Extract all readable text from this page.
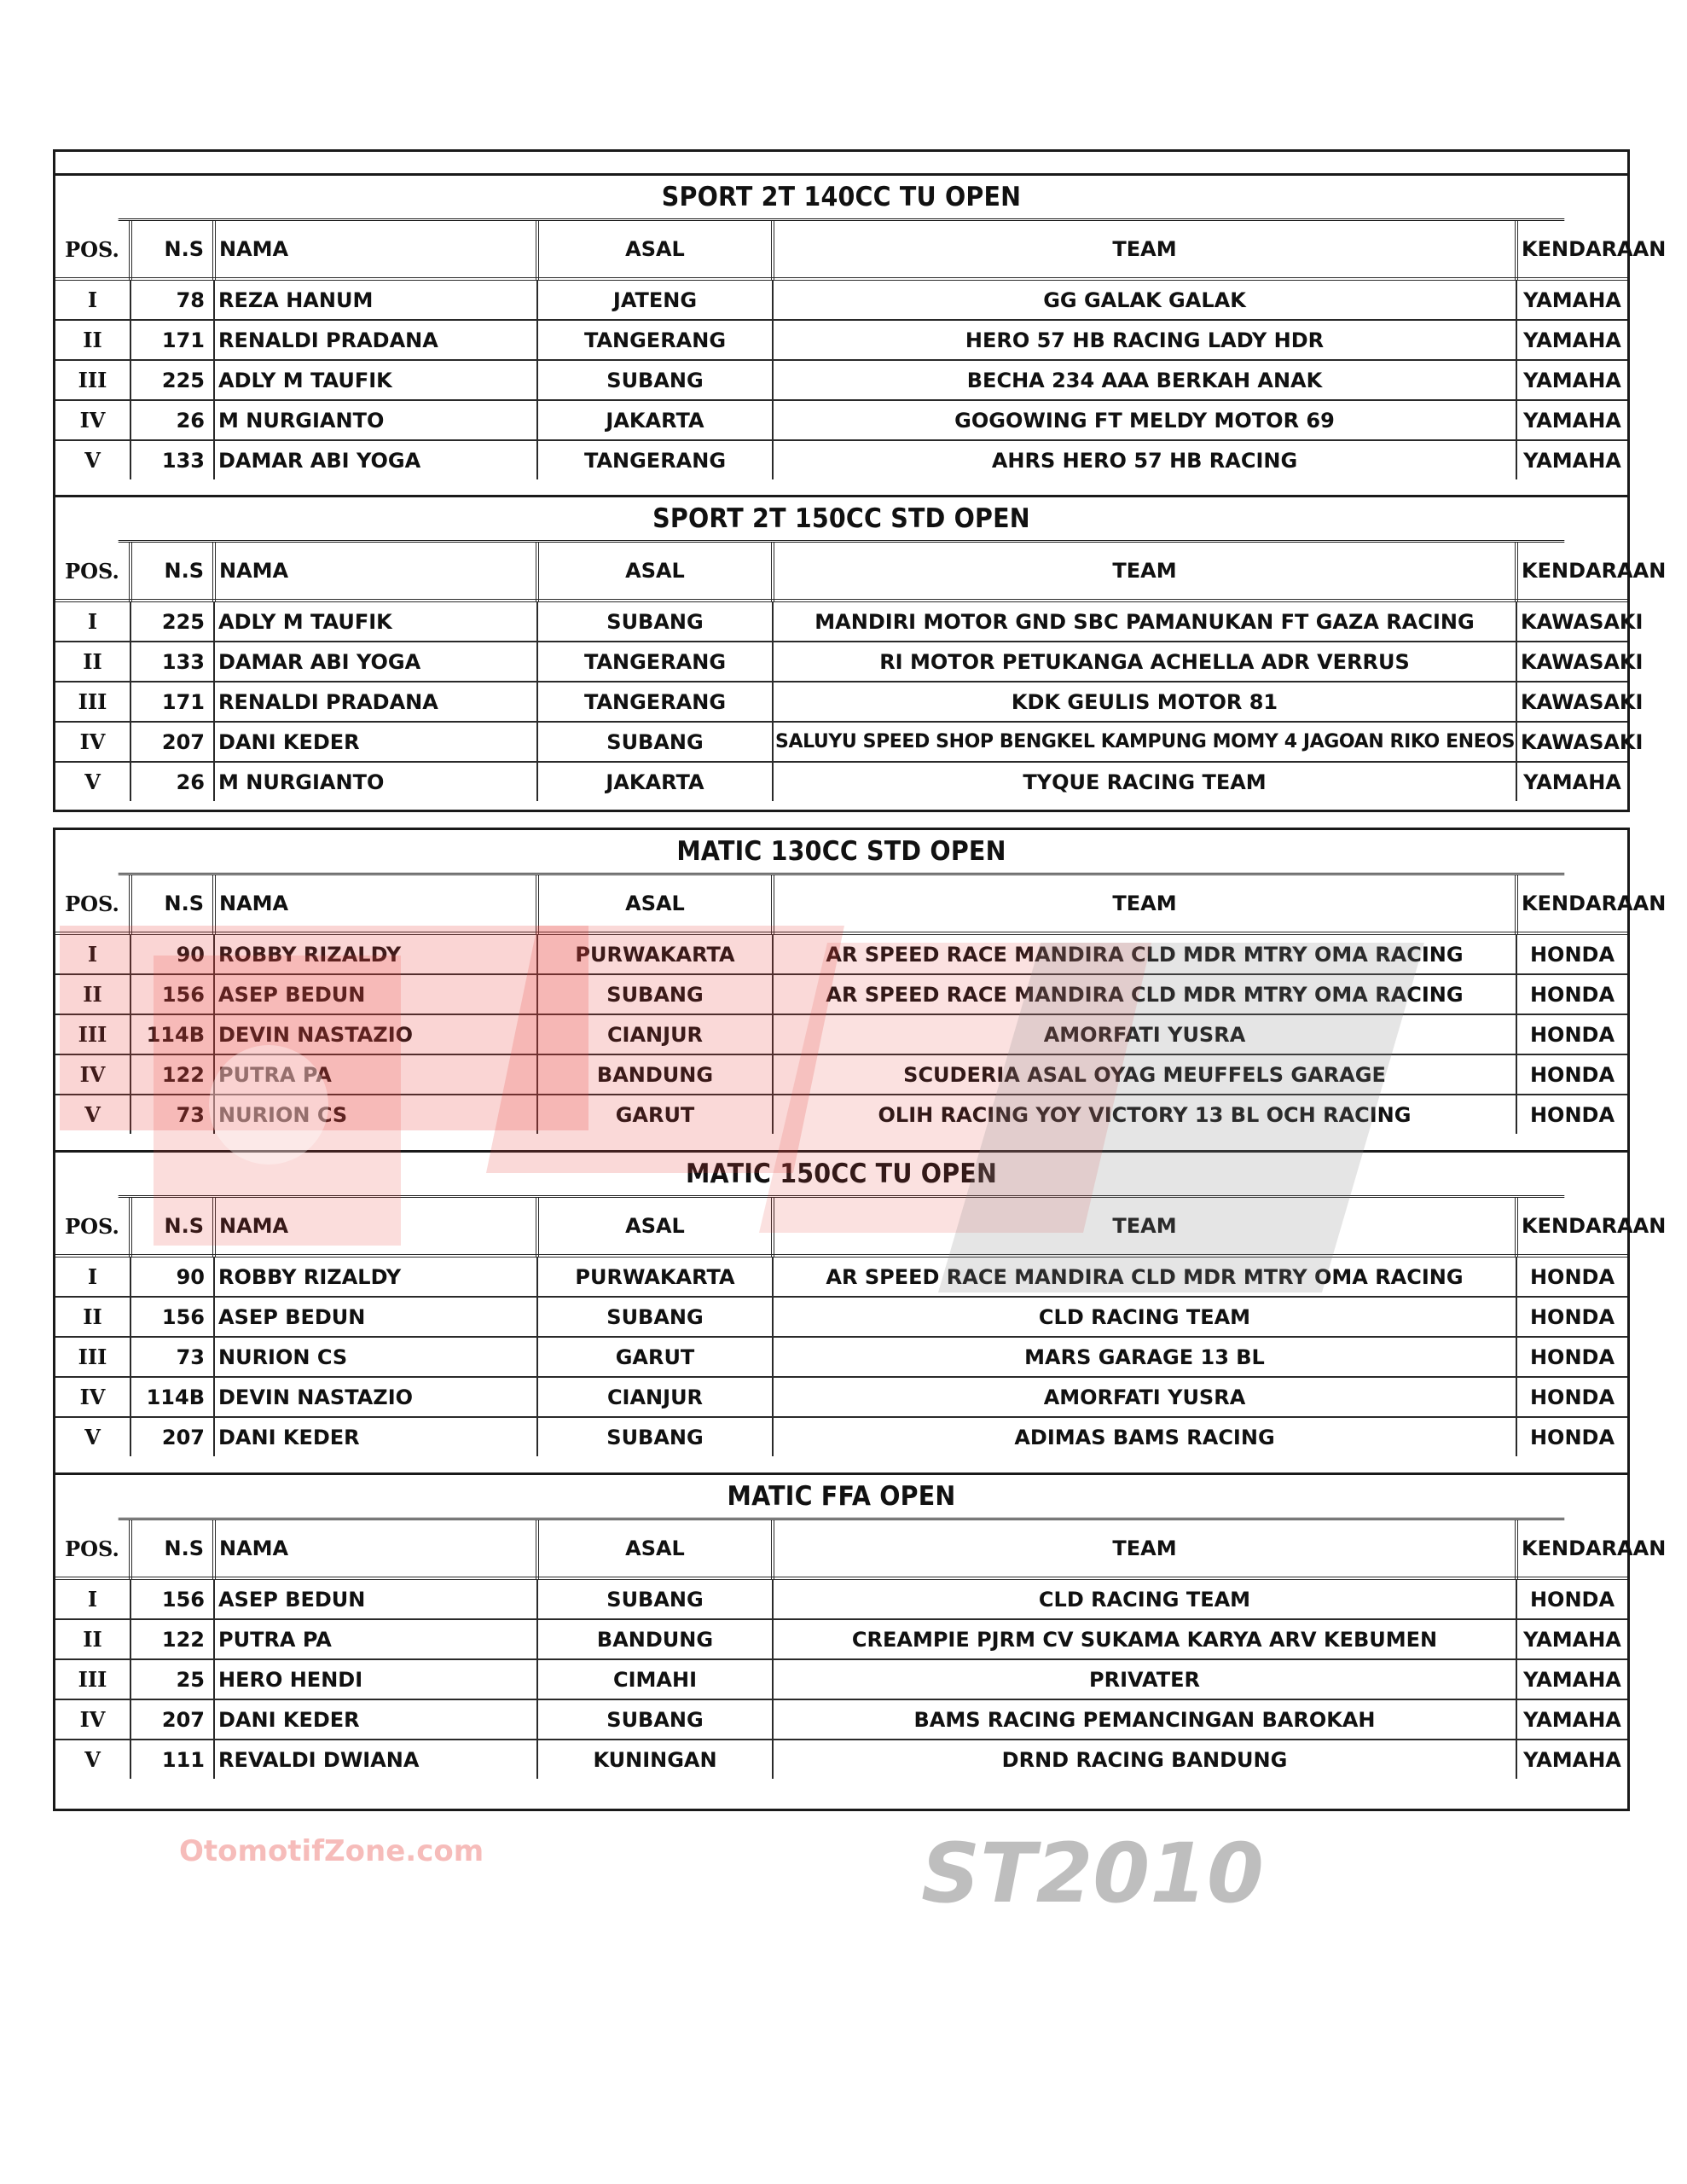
SPORT 2T 140CC TU OPEN
POS.	N.S	NAMA	ASAL	TEAM	KENDARAAN
I	78	REZA HANUM	JATENG	GG GALAK GALAK	YAMAHA
II	171	RENALDI PRADANA	TANGERANG	HERO 57 HB RACING LADY HDR	YAMAHA
III	225	ADLY M TAUFIK	SUBANG	BECHA 234 AAA BERKAH ANAK	YAMAHA
IV	26	M NURGIANTO	JAKARTA	GOGOWING FT MELDY MOTOR 69	YAMAHA
V	133	DAMAR ABI YOGA	TANGERANG	AHRS HERO 57 HB RACING	YAMAHA
SPORT 2T 150CC STD OPEN
POS.	N.S	NAMA	ASAL	TEAM	KENDARAAN
I	225	ADLY M TAUFIK	SUBANG	MANDIRI MOTOR GND SBC PAMANUKAN FT GAZA RACING	KAWASAKI
II	133	DAMAR ABI YOGA	TANGERANG	RI MOTOR PETUKANGA ACHELLA ADR VERRUS	KAWASAKI
III	171	RENALDI PRADANA	TANGERANG	KDK GEULIS MOTOR 81	KAWASAKI
IV	207	DANI KEDER	SUBANG	SALUYU SPEED SHOP BENGKEL KAMPUNG MOMY 4 JAGOAN RIKO ENEOS	KAWASAKI
V	26	M NURGIANTO	JAKARTA	TYQUE RACING TEAM	YAMAHA
MATIC 130CC STD OPEN
POS.	N.S	NAMA	ASAL	TEAM	KENDARAAN
I	90	ROBBY RIZALDY	PURWAKARTA	AR SPEED RACE MANDIRA CLD MDR MTRY OMA RACING	HONDA
II	156	ASEP BEDUN	SUBANG	AR SPEED RACE MANDIRA CLD MDR MTRY OMA RACING	HONDA
III	114B	DEVIN NASTAZIO	CIANJUR	AMORFATI YUSRA	HONDA
IV	122	PUTRA PA	BANDUNG	SCUDERIA ASAL OYAG MEUFFELS GARAGE	HONDA
V	73	NURION CS	GARUT	OLIH RACING YOY VICTORY 13 BL OCH RACING	HONDA
MATIC 150CC TU OPEN
POS.	N.S	NAMA	ASAL	TEAM	KENDARAAN
I	90	ROBBY RIZALDY	PURWAKARTA	AR SPEED RACE MANDIRA CLD MDR MTRY OMA RACING	HONDA
II	156	ASEP BEDUN	SUBANG	CLD RACING TEAM	HONDA
III	73	NURION CS	GARUT	MARS GARAGE 13 BL	HONDA
IV	114B	DEVIN NASTAZIO	CIANJUR	AMORFATI YUSRA	HONDA
V	207	DANI KEDER	SUBANG	ADIMAS BAMS RACING	HONDA
MATIC FFA OPEN
POS.	N.S	NAMA	ASAL	TEAM	KENDARAAN
I	156	ASEP BEDUN	SUBANG	CLD RACING TEAM	HONDA
II	122	PUTRA PA	BANDUNG	CREAMPIE PJRM CV SUKAMA KARYA ARV KEBUMEN	YAMAHA
III	25	HERO HENDI	CIMAHI	PRIVATER	YAMAHA
IV	207	DANI KEDER	SUBANG	BAMS RACING PEMANCINGAN BAROKAH	YAMAHA
V	111	REVALDI DWIANA	KUNINGAN	DRND RACING BANDUNG	YAMAHA
OtomotifZone.com	ST2010
